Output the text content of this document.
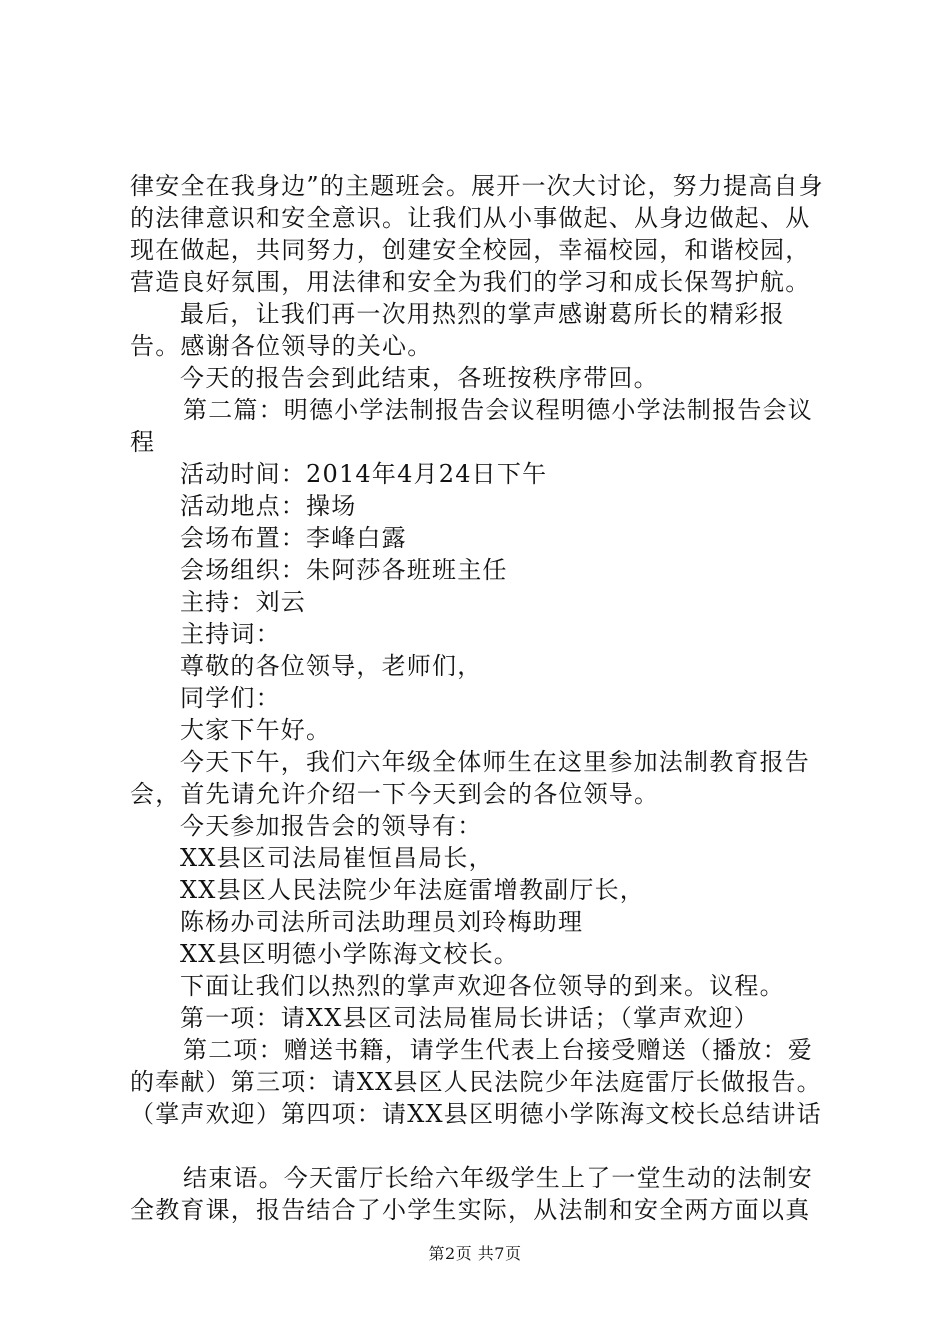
律安全在我身边”的主题班会。展开一次大讨论，努力提高自身的法律意识和安全意识。让我们从小事做起、从身边做起、从现在做起，共同努力，创建安全校园，幸福校园，和谐校园，营造良好氛围，用法律和安全为我们的学习和成长保驾护航。

最后，让我们再一次用热烈的掌声感谢葛所长的精彩报告。感谢各位领导的关心。

今天的报告会到此结束，各班按秩序带回。

第二篇：明德小学法制报告会议程明德小学法制报告会议程

活动时间：2014年4月24日下午

活动地点：操场

会场布置：李峰白露

会场组织：朱阿莎各班班主任

主持：刘云

主持词：

尊敬的各位领导，老师们，

同学们：

大家下午好。

今天下午，我们六年级全体师生在这里参加法制教育报告会，首先请允许介绍一下今天到会的各位领导。

今天参加报告会的领导有：

XX县区司法局崔恒昌局长，

XX县区人民法院少年法庭雷增教副厅长，

陈杨办司法所司法助理员刘玲梅助理

XX县区明德小学陈海文校长。

下面让我们以热烈的掌声欢迎各位领导的到来。议程。

第一项：请XX县区司法局崔局长讲话；（掌声欢迎）

第二项：赠送书籍，请学生代表上台接受赠送（播放：爱的奉献）第三项：请XX县区人民法院少年法庭雷厅长做报告。（掌声欢迎）第四项：请XX县区明德小学陈海文校长总结讲话

结束语。今天雷厅长给六年级学生上了一堂生动的法制安全教育课，报告结合了小学生实际，从法制和安全两方面以真

第2页 共7页
